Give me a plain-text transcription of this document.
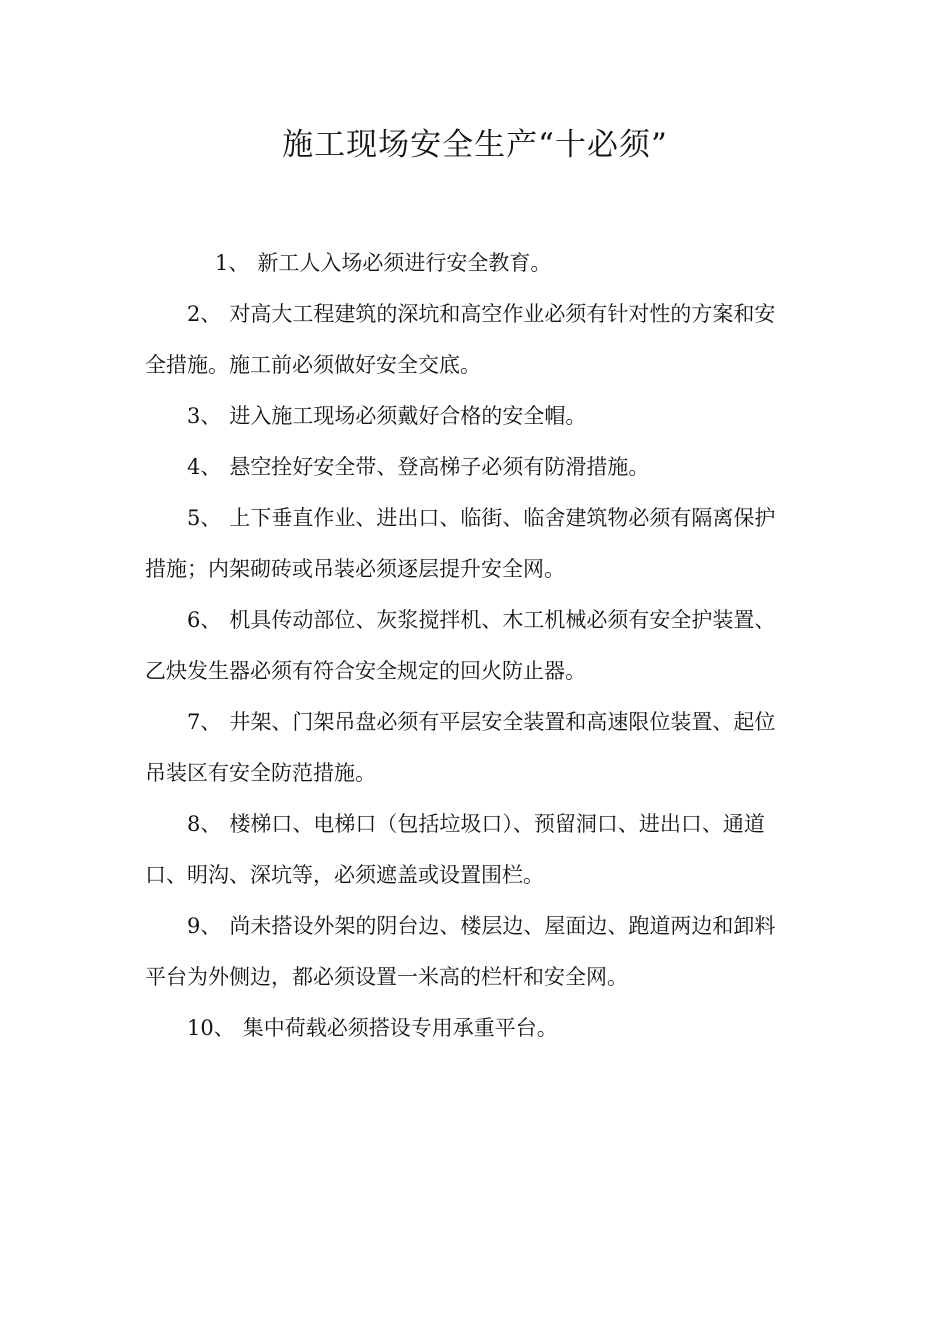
施工现场安全生产“十必须”

1、 新工人入场必须进行安全教育。

2、 对高大工程建筑的深坑和高空作业必须有针对性的方案和安全措施。施工前必须做好安全交底。

3、 进入施工现场必须戴好合格的安全帽。

4、 悬空拴好安全带、登高梯子必须有防滑措施。

5、 上下垂直作业、进出口、临街、临舍建筑物必须有隔离保护措施；内架砌砖或吊装必须逐层提升安全网。

6、 机具传动部位、灰浆搅拌机、木工机械必须有安全护装置、乙炔发生器必须有符合安全规定的回火防止器。

7、 井架、门架吊盘必须有平层安全装置和高速限位装置、起位吊装区有安全防范措施。

8、 楼梯口、电梯口（包括垃圾口）、预留洞口、进出口、通道口、明沟、深坑等，必须遮盖或设置围栏。

9、 尚未搭设外架的阴台边、楼层边、屋面边、跑道两边和卸料平台为外侧边，都必须设置一米高的栏杆和安全网。

10、 集中荷载必须搭设专用承重平台。
